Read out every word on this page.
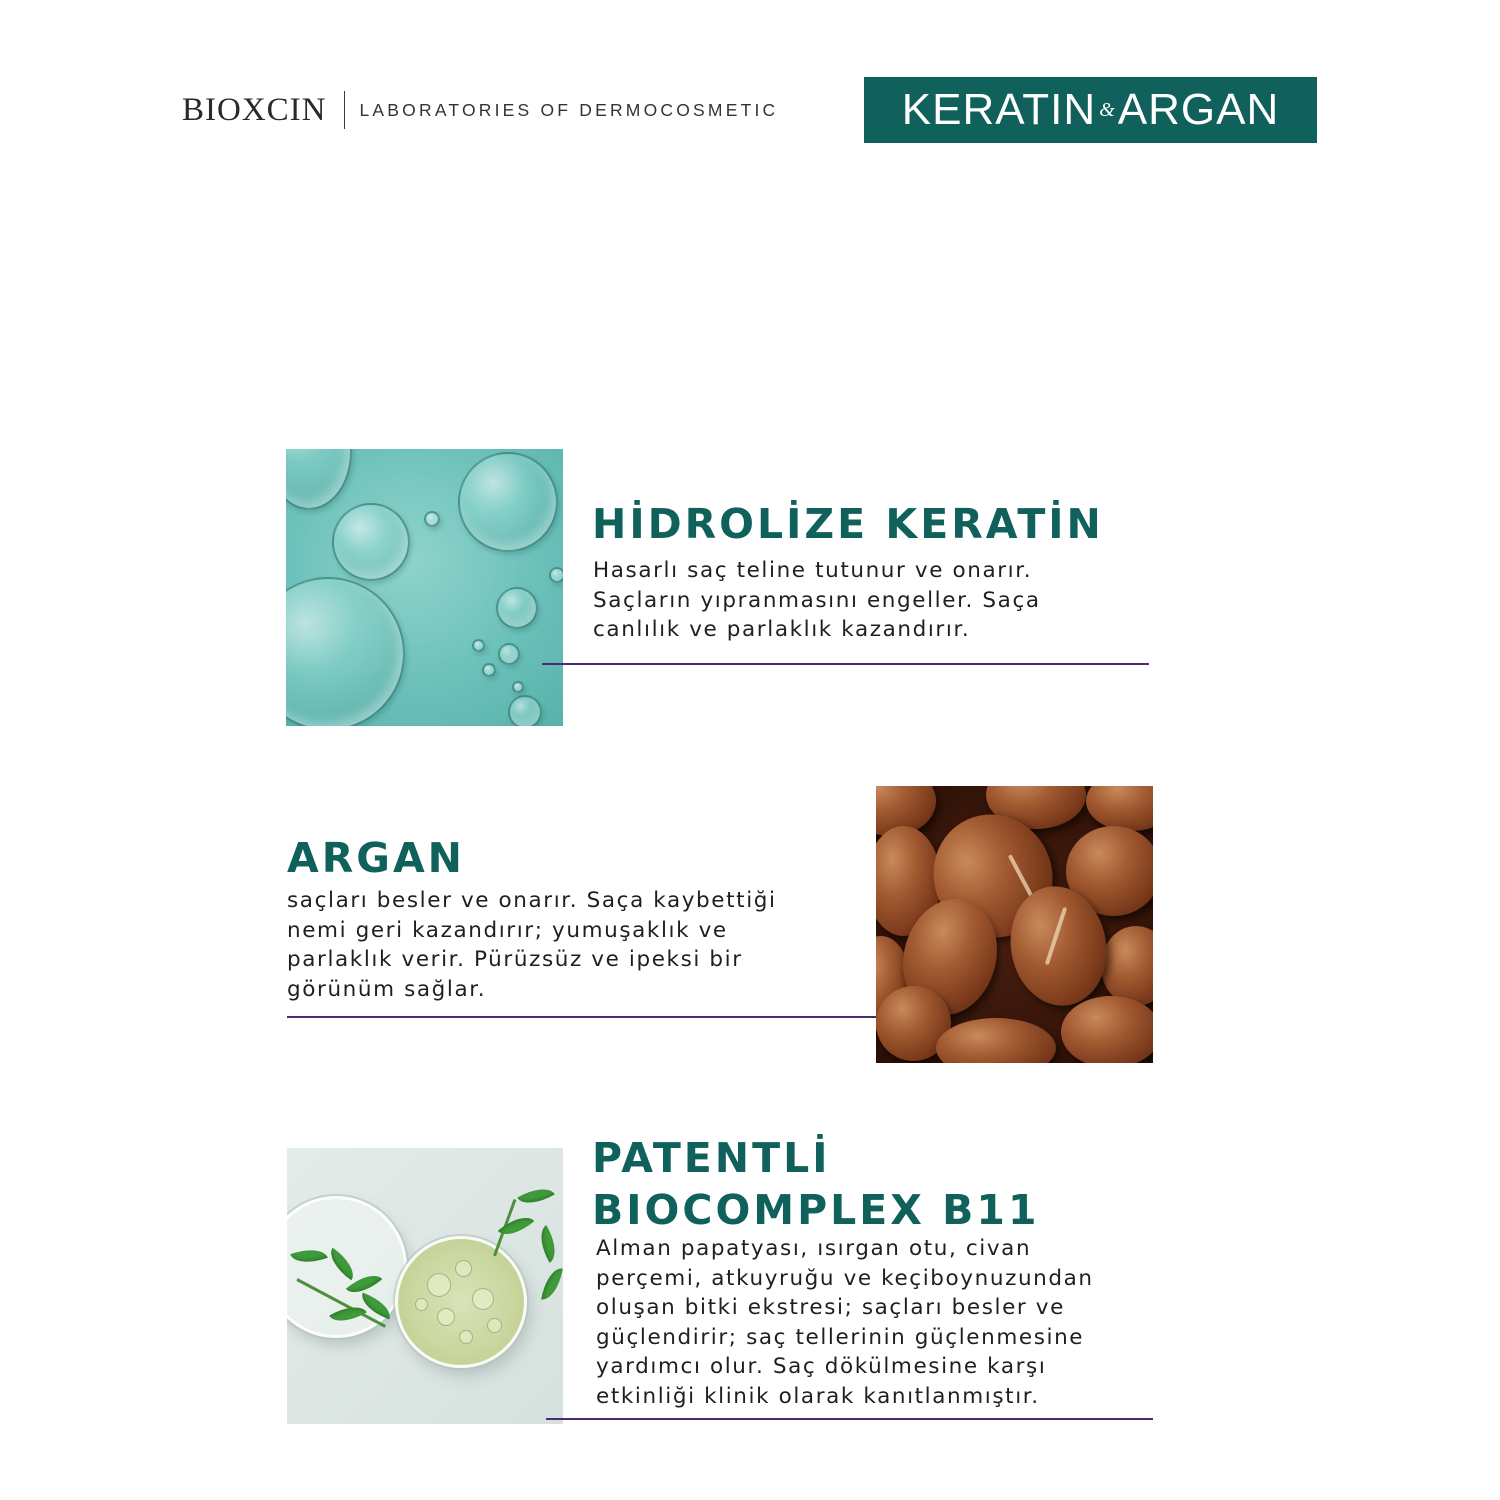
BIOXCIN LABORATORIES OF DERMOCOSMETIC	KERATIN & ARGAN
HİDROLİZE KERATİN

Hasarlı saç teline tutunur ve onarır.
Saçların yıpranmasını engeller. Saça
canlılık ve parlaklık kazandırır.

ARGAN

saçları besler ve onarır. Saça kaybettiği
nemi geri kazandırır; yumuşaklık ve
parlaklık verir. Pürüzsüz ve ipeksi bir
görünüm sağlar.

PATENTLİ
BIOCOMPLEX B11

Alman papatyası, ısırgan otu, civan
perçemi, atkuyruğu ve keçiboynuzundan
oluşan bitki ekstresi; saçları besler ve
güçlendirir; saç tellerinin güçlenmesine
yardımcı olur. Saç dökülmesine karşı
etkinliği klinik olarak kanıtlanmıştır.
